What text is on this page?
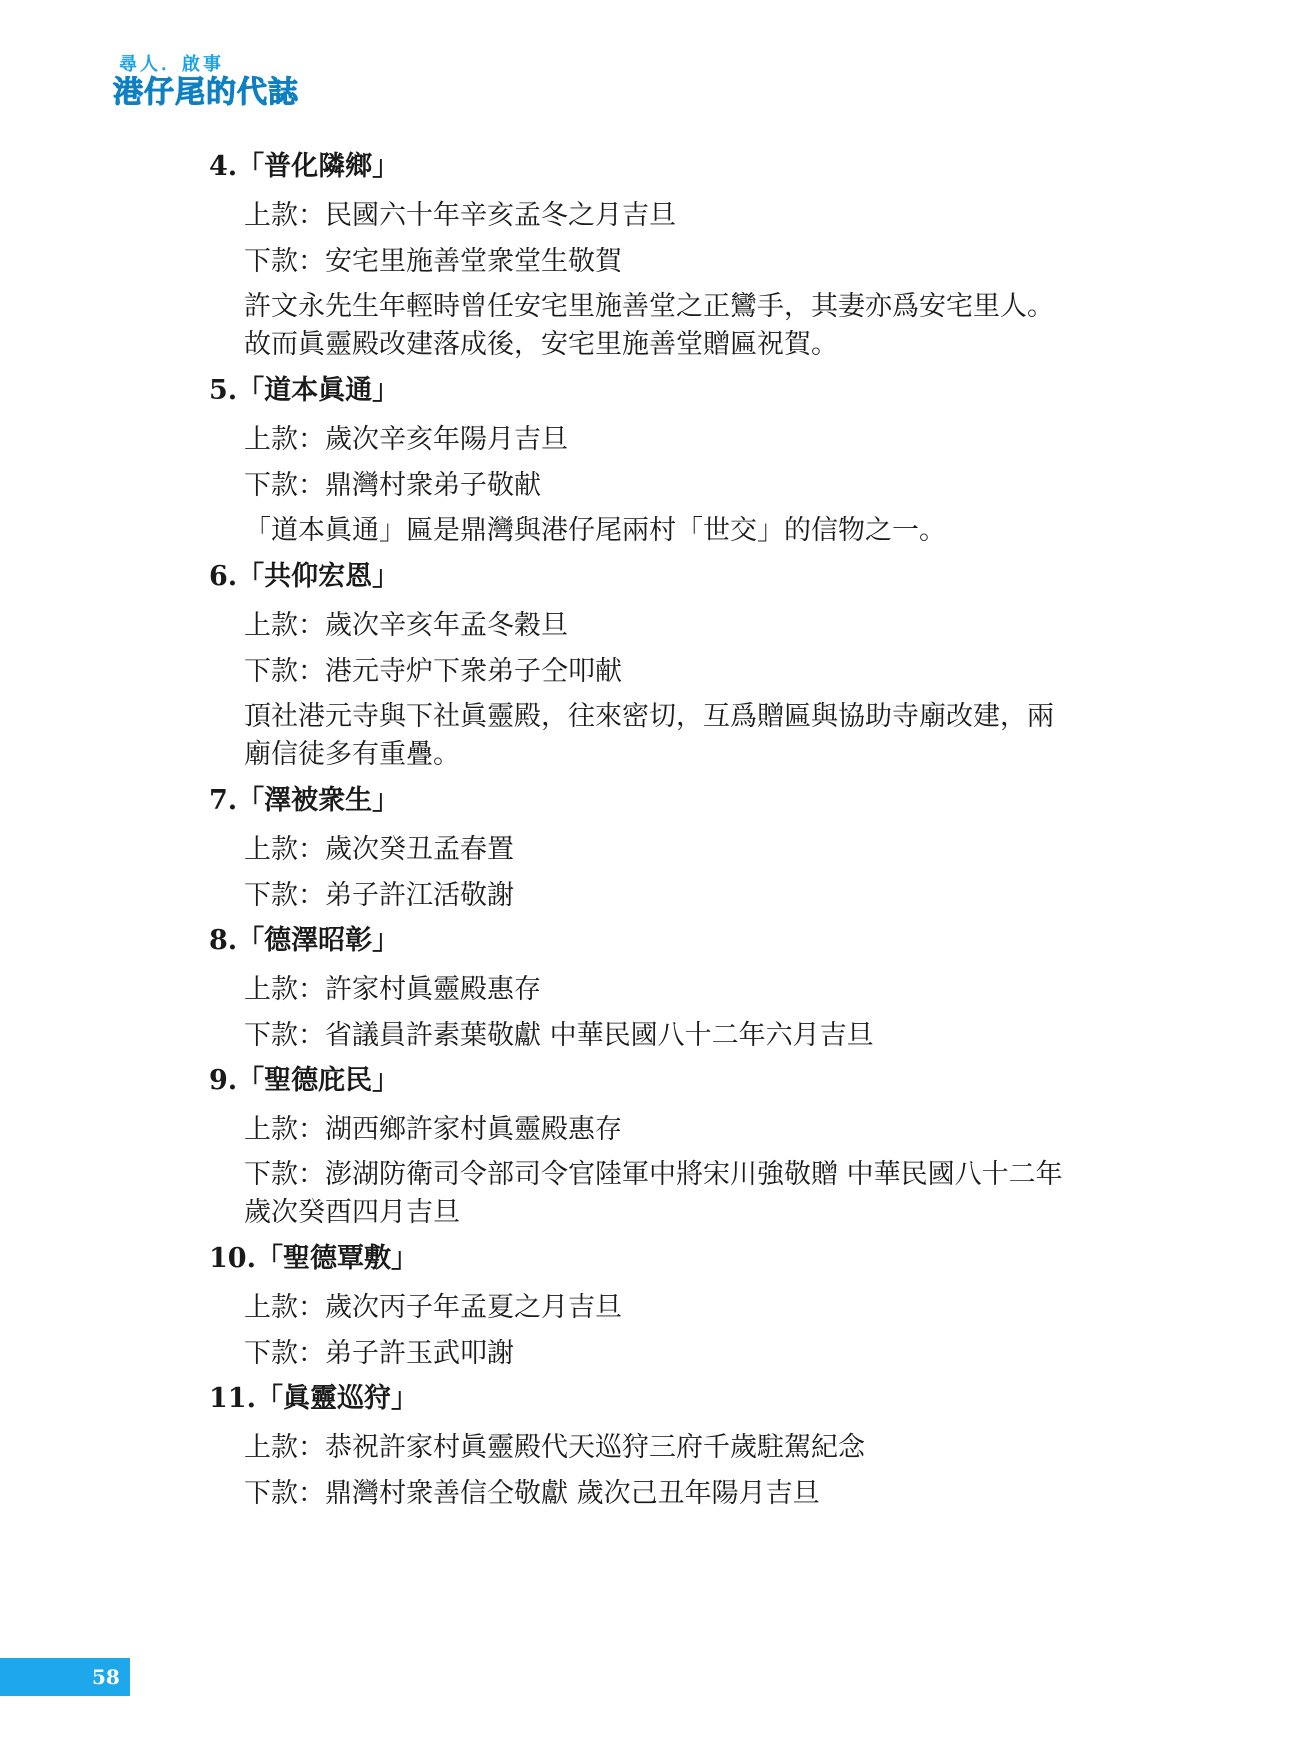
尋人．啟事
港仔尾的代誌
4.「普化隣鄉」
上款：民國六十年辛亥孟冬之月吉旦
下款：安宅里施善堂衆堂生敬賀
許文永先生年輕時曾任安宅里施善堂之正鸞手，其妻亦爲安宅里人。
故而眞靈殿改建落成後，安宅里施善堂贈匾祝賀。
5.「道本眞通」
上款：歲次辛亥年陽月吉旦
下款：鼎灣村衆弟子敬献
「道本眞通」匾是鼎灣與港仔尾兩村「世交」的信物之一。
6.「共仰宏恩」
上款：歲次辛亥年孟冬穀旦
下款：港元寺炉下衆弟子仝叩献
頂社港元寺與下社眞靈殿，往來密切，互爲贈匾與協助寺廟改建，兩
廟信徒多有重疊。
7.「澤被衆生」
上款：歲次癸丑孟春置
下款：弟子許江活敬謝
8.「德澤昭彰」
上款：許家村眞靈殿惠存
下款：省議員許素葉敬獻 中華民國八十二年六月吉旦
9.「聖德庇民」
上款：湖西鄉許家村眞靈殿惠存
下款：澎湖防衛司令部司令官陸軍中將宋川強敬贈 中華民國八十二年
歲次癸酉四月吉旦
10.「聖德覃敷」
上款：歲次丙子年孟夏之月吉旦
下款：弟子許玉武叩謝
11.「眞靈巡狩」
上款：恭祝許家村眞靈殿代天巡狩三府千歲駐駕紀念
下款：鼎灣村衆善信仝敬獻 歲次己丑年陽月吉旦
58
